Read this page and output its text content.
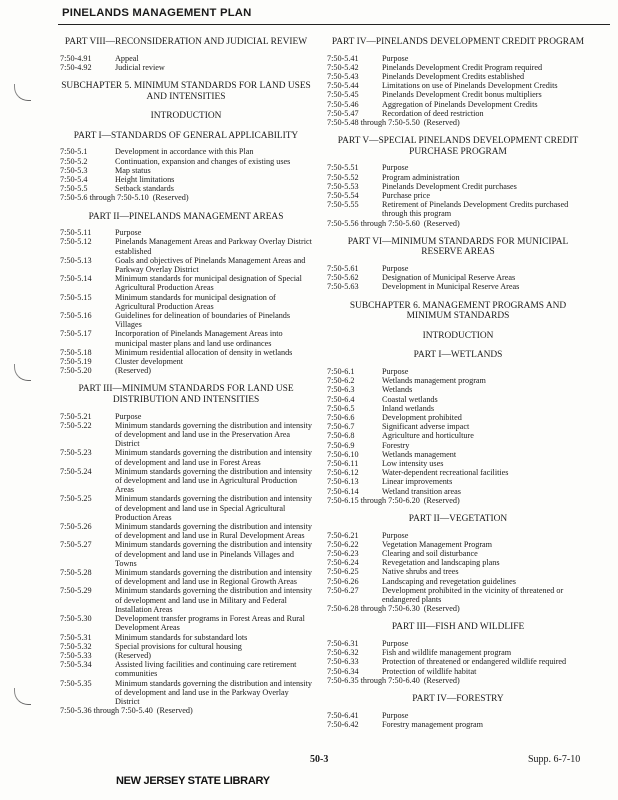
PINELANDS MANAGEMENT PLAN
PART VIII—RECONSIDERATION AND JUDICIAL REVIEW
7:50-4.91	Appeal
7:50-4.92	Judicial review
SUBCHAPTER 5. MINIMUM STANDARDS FOR LAND USES AND INTENSITIES
INTRODUCTION
PART I—STANDARDS OF GENERAL APPLICABILITY
7:50-5.1	Development in accordance with this Plan
7:50-5.2	Continuation, expansion and changes of existing uses
7:50-5.3	Map status
7:50-5.4	Height limitations
7:50-5.5	Setback standards
7:50-5.6 through 7:50-5.10 (Reserved)
PART II—PINELANDS MANAGEMENT AREAS
7:50-5.11	Purpose
7:50-5.12	Pinelands Management Areas and Parkway Overlay District established
7:50-5.13	Goals and objectives of Pinelands Management Areas and Parkway Overlay District
7:50-5.14	Minimum standards for municipal designation of Special Agricultural Production Areas
7:50-5.15	Minimum standards for municipal designation of Agricultural Production Areas
7:50-5.16	Guidelines for delineation of boundaries of Pinelands Villages
7:50-5.17	Incorporation of Pinelands Management Areas into municipal master plans and land use ordinances
7:50-5.18	Minimum residential allocation of density in wetlands
7:50-5.19	Cluster development
7:50-5.20	(Reserved)
PART III—MINIMUM STANDARDS FOR LAND USE DISTRIBUTION AND INTENSITIES
7:50-5.21	Purpose
7:50-5.22	Minimum standards governing the distribution and intensity of development and land use in the Preservation Area District
7:50-5.23	Minimum standards governing the distribution and intensity of development and land use in Forest Areas
7:50-5.24	Minimum standards governing the distribution and intensity of development and land use in Agricultural Production Areas
7:50-5.25	Minimum standards governing the distribution and intensity of development and land use in Special Agricultural Production Areas
7:50-5.26	Minimum standards governing the distribution and intensity of development and land use in Rural Development Areas
7:50-5.27	Minimum standards governing the distribution and intensity of development and land use in Pinelands Villages and Towns
7:50-5.28	Minimum standards governing the distribution and intensity of development and land use in Regional Growth Areas
7:50-5.29	Minimum standards governing the distribution and intensity of development and land use in Military and Federal Installation Areas
7:50-5.30	Development transfer programs in Forest Areas and Rural Development Areas
7:50-5.31	Minimum standards for substandard lots
7:50-5.32	Special provisions for cultural housing
7:50-5.33	(Reserved)
7:50-5.34	Assisted living facilities and continuing care retirement communities
7:50-5.35	Minimum standards governing the distribution and intensity of development and land use in the Parkway Overlay District
7:50-5.36 through 7:50-5.40 (Reserved)
PART IV—PINELANDS DEVELOPMENT CREDIT PROGRAM
7:50-5.41	Purpose
7:50-5.42	Pinelands Development Credit Program required
7:50-5.43	Pinelands Development Credits established
7:50-5.44	Limitations on use of Pinelands Development Credits
7:50-5.45	Pinelands Development Credit bonus multipliers
7:50-5.46	Aggregation of Pinelands Development Credits
7:50-5.47	Recordation of deed restriction
7:50-5.48 through 7:50-5.50 (Reserved)
PART V—SPECIAL PINELANDS DEVELOPMENT CREDIT PURCHASE PROGRAM
7:50-5.51	Purpose
7:50-5.52	Program administration
7:50-5.53	Pinelands Development Credit purchases
7:50-5.54	Purchase price
7:50-5.55	Retirement of Pinelands Development Credits purchased through this program
7:50-5.56 through 7:50-5.60 (Reserved)
PART VI—MINIMUM STANDARDS FOR MUNICIPAL RESERVE AREAS
7:50-5.61	Purpose
7:50-5.62	Designation of Municipal Reserve Areas
7:50-5.63	Development in Municipal Reserve Areas
SUBCHAPTER 6. MANAGEMENT PROGRAMS AND MINIMUM STANDARDS
INTRODUCTION
PART I—WETLANDS
7:50-6.1	Purpose
7:50-6.2	Wetlands management program
7:50-6.3	Wetlands
7:50-6.4	Coastal wetlands
7:50-6.5	Inland wetlands
7:50-6.6	Development prohibited
7:50-6.7	Significant adverse impact
7:50-6.8	Agriculture and horticulture
7:50-6.9	Forestry
7:50-6.10	Wetlands management
7:50-6.11	Low intensity uses
7:50-6.12	Water-dependent recreational facilities
7:50-6.13	Linear improvements
7:50-6.14	Wetland transition areas
7:50-6.15 through 7:50-6.20 (Reserved)
PART II—VEGETATION
7:50-6.21	Purpose
7:50-6.22	Vegetation Management Program
7:50-6.23	Clearing and soil disturbance
7:50-6.24	Revegetation and landscaping plans
7:50-6.25	Native shrubs and trees
7:50-6.26	Landscaping and revegetation guidelines
7:50-6.27	Development prohibited in the vicinity of threatened or endangered plants
7:50-6.28 through 7:50-6.30 (Reserved)
PART III—FISH AND WILDLIFE
7:50-6.31	Purpose
7:50-6.32	Fish and wildlife management program
7:50-6.33	Protection of threatened or endangered wildlife required
7:50-6.34	Protection of wildlife habitat
7:50-6.35 through 7:50-6.40 (Reserved)
PART IV—FORESTRY
7:50-6.41	Purpose
7:50-6.42	Forestry management program
50-3	Supp. 6-7-10
NEW JERSEY STATE LIBRARY
